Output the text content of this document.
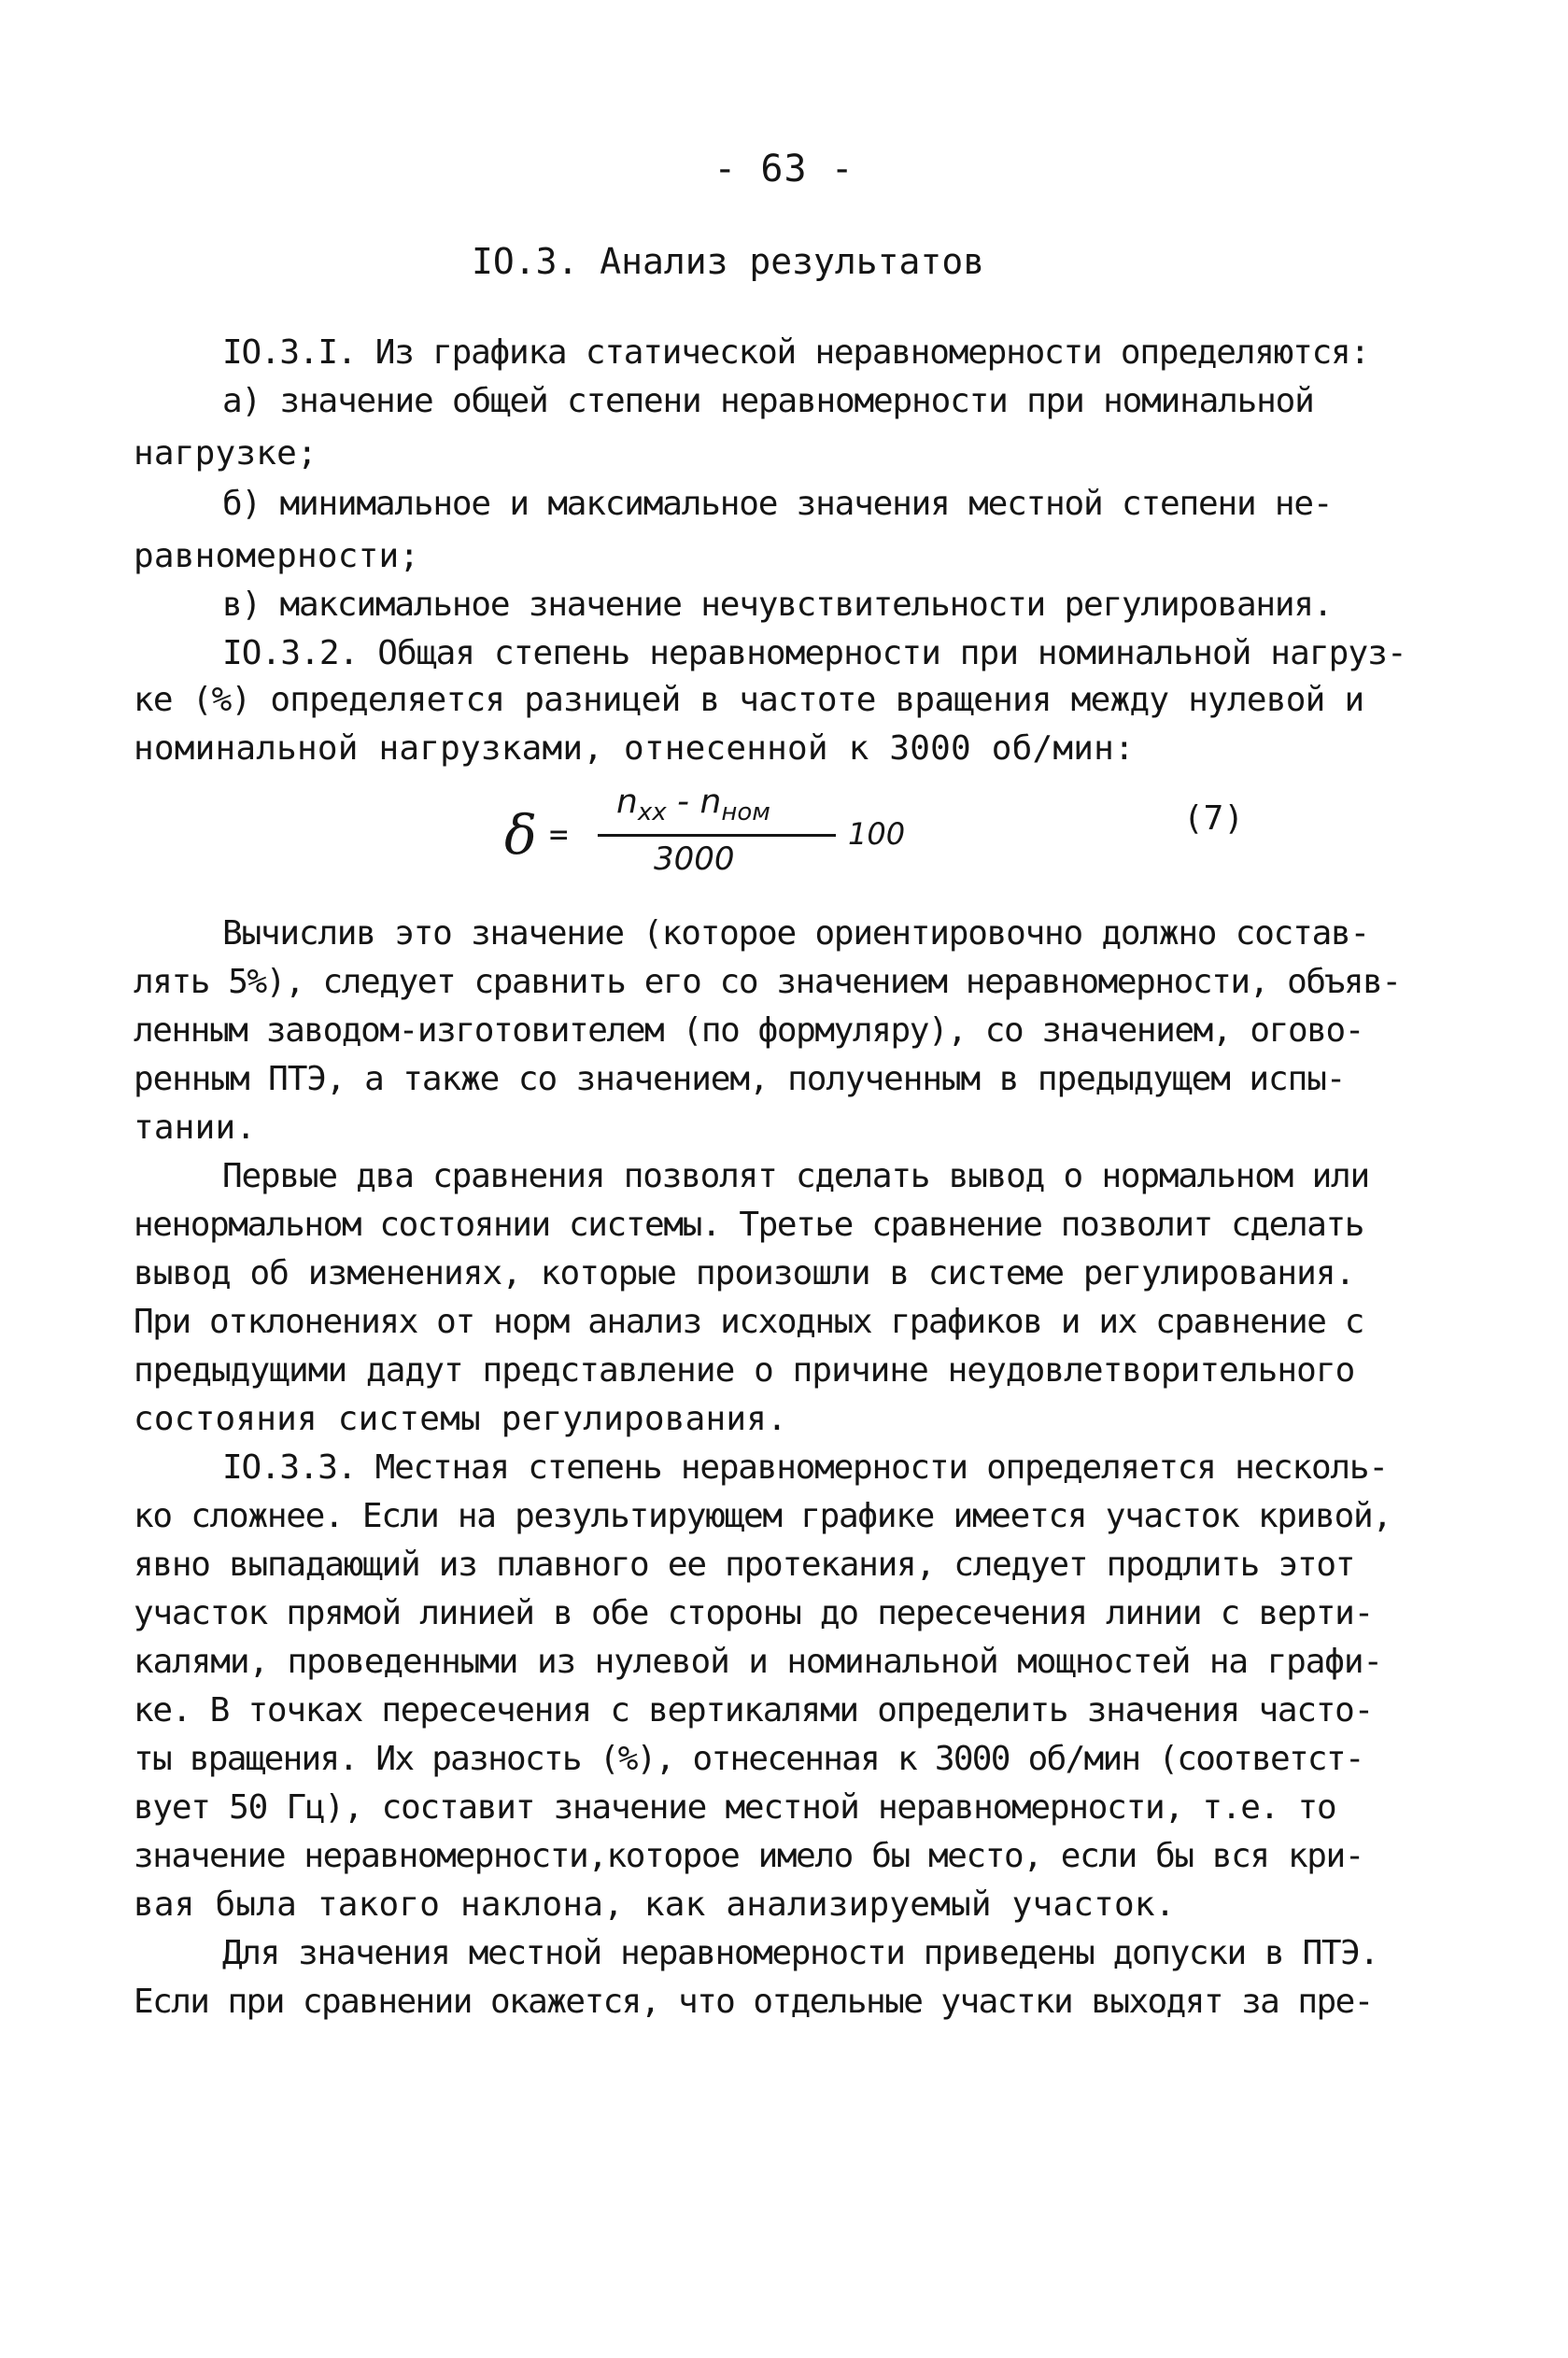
- 63 -
IO.3. Анализ результатов
IO.3.I. Из графика статической неравномерности определяются:
а) значение общей степени неравномерности при номинальной
нагрузке;
б) минимальное и максимальное значения местной степени не-
равномерности;
в) максимальное значение нечувствительности регулирования.
IO.3.2. Общая степень неравномерности при номинальной нагруз-
ке (%) определяется разницей в частоте вращения между нулевой и
номинальной нагрузками, отнесенной к 3000 об/мин:
δ =
$n_{xx} - n_{ном}$
3000
100	(7)
Вычислив это значение (которое ориентировочно должно состав-
лять 5%), следует сравнить его со значением неравномерности, объяв-
ленным заводом-изготовителем (по формуляру), со значением, огово-
ренным ПТЭ, а также со значением, полученным в предыдущем испы-
тании.
Первые два сравнения позволят сделать вывод о нормальном или
ненормальном состоянии системы. Третье сравнение позволит сделать
вывод об изменениях, которые произошли в системе регулирования.
При отклонениях от норм анализ исходных графиков и их сравнение с
предыдущими дадут представление о причине неудовлетворительного
состояния системы регулирования.
IO.3.3. Местная степень неравномерности определяется несколь-
ко сложнее. Если на результирующем графике имеется участок кривой,
явно выпадающий из плавного ее протекания, следует продлить этот
участок прямой линией в обе стороны до пересечения линии с верти-
калями, проведенными из нулевой и номинальной мощностей на графи-
ке. В точках пересечения с вертикалями определить значения часто-
ты вращения. Их разность (%), отнесенная к 3000 об/мин (соответст-
вует 50 Гц), составит значение местной неравномерности, т.е. то
значение неравномерности,которое имело бы место, если бы вся кри-
вая была такого наклона, как анализируемый участок.
Для значения местной неравномерности приведены допуски в ПТЭ.
Если при сравнении окажется, что отдельные участки выходят за пре-
